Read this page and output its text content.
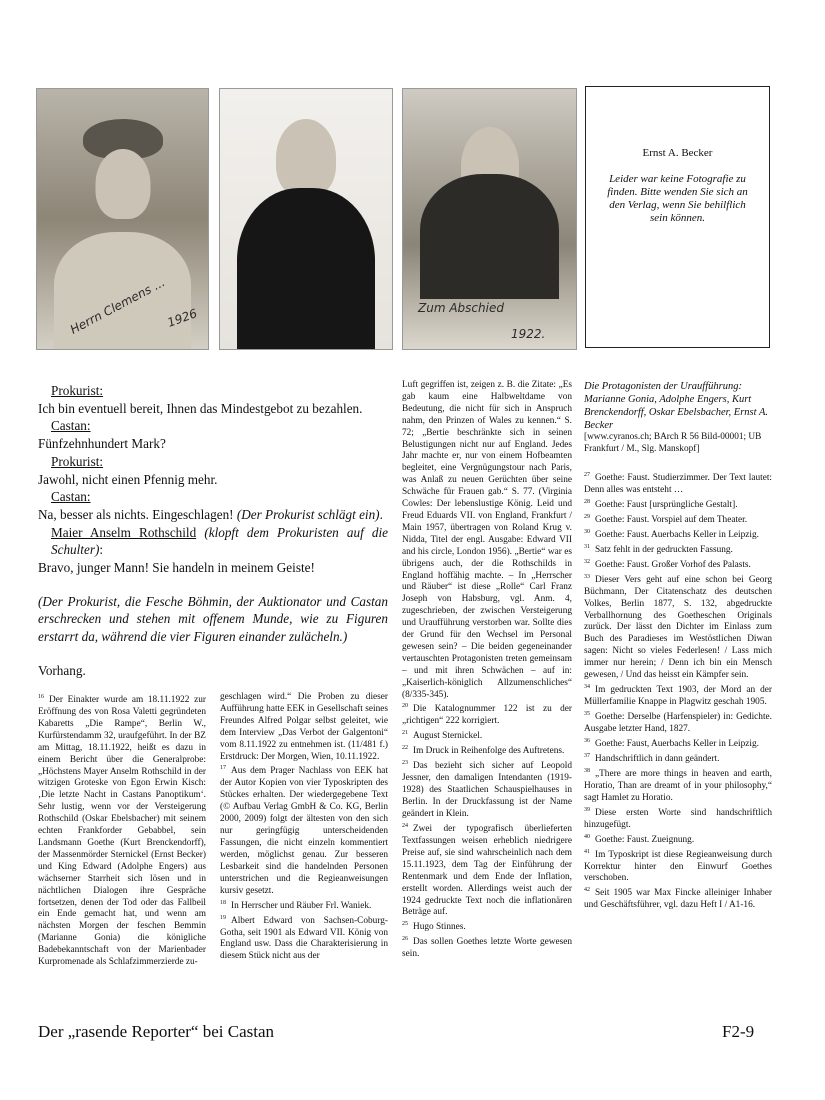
Herrn Clemens ...
1926	Zum Abschied
1922.
Ernst A. Becker
Leider war keine Fotografie zu finden. Bitte wenden Sie sich an den Verlag, wenn Sie behilflich sein können.

Prokurist:

Ich bin eventuell bereit, Ihnen das Mindestgebot zu bezahlen.

Castan:

Fünfzehnhundert Mark?

Prokurist:

Jawohl, nicht einen Pfennig mehr.

Castan:

Na, besser als nichts. Eingeschlagen! (Der Prokurist schlägt ein).

Maier Anselm Rothschild (klopft dem Prokuristen auf die Schulter):

Bravo, junger Mann! Sie handeln in meinem Geiste!

(Der Prokurist, die Fesche Böhmin, der Auktionator und Castan erschrecken und stehen mit offenem Munde, wie zu Figuren erstarrt da, während die vier Figuren einander zulächeln.)

Vorhang.

$^{16}$ Der Einakter wurde am 18.11.1922 zur Eröffnung des von Rosa Valetti gegründeten Kabaretts „Die Rampe“, Berlin W., Kurfürstendamm 32, uraufgeführt. In der BZ am Mittag, 18.11.1922, heißt es dazu in einem Bericht über die Generalprobe: „Höchstens Mayer Anselm Rothschild in der witzigen Groteske von Egon Erwin Kisch: ‚Die letzte Nacht in Castans Panoptikum‘. Sehr lustig, wenn vor der Versteigerung Rothschild (Oskar Ebelsbacher) mit seinem echten Frankforder Gebabbel, sein Landsmann Goethe (Kurt Brenckendorff), der Massenmörder Sternickel (Ernst Becker) und King Edward (Adolphe Engers) aus wächserner Starrheit sich lösen und in nächtlichen Dialogen ihre Gespräche fortsetzen, denen der Tod oder das Fallbeil ein Ende gemacht hat, und wenn am nächsten Morgen der feschen Bemmin (Marianne Gonia) die königliche Badebekanntschaft von der Marienbader Kurpromenade als Schlafzimmerzierde zu-

geschlagen wird.“ Die Proben zu dieser Aufführung hatte EEK in Gesellschaft seines Freundes Alfred Polgar selbst geleitet, wie dem Interview „Das Verbot der Galgentoni“ vom 8.11.1922 zu entnehmen ist. (11/481 f.) Erstdruck: Der Morgen, Wien, 10.11.1922.

$^{17}$ Aus dem Prager Nachlass von EEK hat der Autor Kopien von vier Typoskripten des Stückes erhalten. Der wiedergegebene Text (© Aufbau Verlag GmbH & Co. KG, Berlin 2000, 2009) folgt der ältesten von den sich nur geringfügig unterscheidenden Fassungen, die nicht einzeln kommentiert werden, möglichst genau. Zur besseren Lesbarkeit sind die handelnden Personen unterstrichen und die Regieanweisungen kursiv gesetzt.

$^{18}$ In Herrscher und Räuber Frl. Waniek.

$^{19}$ Albert Edward von Sachsen-Coburg-Gotha, seit 1901 als Edward VII. König von England usw. Dass die Charakterisierung in diesem Stück nicht aus der

Luft gegriffen ist, zeigen z. B. die Zitate: „Es gab kaum eine Halbweltdame von Bedeutung, die nicht für sich in Anspruch nahm, den Prinzen of Wales zu kennen.“ S. 72; „Bertie beschränkte sich in seinen Belustigungen nicht nur auf England. Jedes Jahr machte er, nur von einem Hofbeamten begleitet, eine Vergnügungstour nach Paris, was Anlaß zu neuen Gerüchten über seine Schwäche für Frauen gab.“ S. 77. (Virginia Cowles: Der lebenslustige König. Leid und Freud Eduards VII. von England, Frankfurt / Main 1957, übertragen von Roland Krug v. Nidda, Titel der engl. Ausgabe: Edward VII and his circle, London 1956). „Bertie“ war es übrigens auch, der die Rothschilds in England hoffähig machte. – In „Herrscher und Räuber“ ist diese „Rolle“ Carl Franz Joseph von Habsburg, vgl. Anm. 4, zugeschrieben, der zwischen Versteigerung und Uraufführung verstorben war. Sollte dies der Grund für den Wechsel im Personal gewesen sein? – Die beiden gegeneinander vertauschten Protagonisten treten gemeinsam – und mit ihren Schwächen – auf in: „Kaiserlich-königlich Allzumenschliches“ (8/335-345).

$^{20}$ Die Katalognummer 122 ist zu der „richtigen“ 222 korrigiert.

$^{21}$ August Sternickel.

$^{22}$ Im Druck in Reihenfolge des Auftretens.

$^{23}$ Das bezieht sich sicher auf Leopold Jessner, den damaligen Intendanten (1919-1928) des Staatlichen Schauspielhauses in Berlin. In der Druckfassung ist der Name geändert in Klein.

$^{24}$ Zwei der typografisch überlieferten Textfassungen weisen erheblich niedrigere Preise auf, sie sind wahrscheinlich nach dem 15.11.1923, dem Tag der Einführung der Rentenmark und dem Ende der Inflation, erstellt worden. Allerdings weist auch der 1924 gedruckte Text noch die inflationären Beträge auf.

$^{25}$ Hugo Stinnes.

$^{26}$ Das sollen Goethes letzte Worte gewesen sein.

Die Protagonisten der Uraufführung: Marianne Gonia, Adolphe Engers, Kurt Brenckendorff, Oskar Ebelsbacher, Ernst A. Becker

[www.cyranos.ch; BArch R 56 Bild-00001; UB Frankfurt / M., Slg. Manskopf]

$^{27}$ Goethe: Faust. Studierzimmer. Der Text lautet: Denn alles was entsteht …

$^{28}$ Goethe: Faust [ursprüngliche Gestalt].

$^{29}$ Goethe: Faust. Vorspiel auf dem Theater.

$^{30}$ Goethe: Faust. Auerbachs Keller in Leipzig.

$^{31}$ Satz fehlt in der gedruckten Fassung.

$^{32}$ Goethe: Faust. Großer Vorhof des Palasts.

$^{33}$ Dieser Vers geht auf eine schon bei Georg Büchmann, Der Citatenschatz des deutschen Volkes, Berlin 1877, S. 132, abgedruckte Verballhornung des Goetheschen Originals zurück. Der lässt den Dichter im Einlass zum Buch des Paradieses im Westöstlichen Diwan sagen: Nicht so vieles Federlesen! / Lass mich immer nur herein; / Denn ich bin ein Mensch gewesen, / Und das heisst ein Kämpfer sein.

$^{34}$ Im gedruckten Text 1903, der Mord an der Müllerfamilie Knappe in Plagwitz geschah 1905.

$^{35}$ Goethe: Derselbe (Harfenspieler) in: Gedichte. Ausgabe letzter Hand, 1827.

$^{36}$ Goethe: Faust, Auerbachs Keller in Leipzig.

$^{37}$ Handschriftlich in dann geändert.

$^{38}$ „There are more things in heaven and earth, Horatio, Than are dreamt of in your philosophy,“ sagt Hamlet zu Horatio.

$^{39}$ Diese ersten Worte sind handschriftlich hinzugefügt.

$^{40}$ Goethe: Faust. Zueignung.

$^{41}$ Im Typoskript ist diese Regieanweisung durch Korrektur hinter den Einwurf Goethes verschoben.

$^{42}$ Seit 1905 war Max Fincke alleiniger Inhaber und Geschäftsführer, vgl. dazu Heft I / A1-16.

Der „rasende Reporter“ bei Castan	F2-9
